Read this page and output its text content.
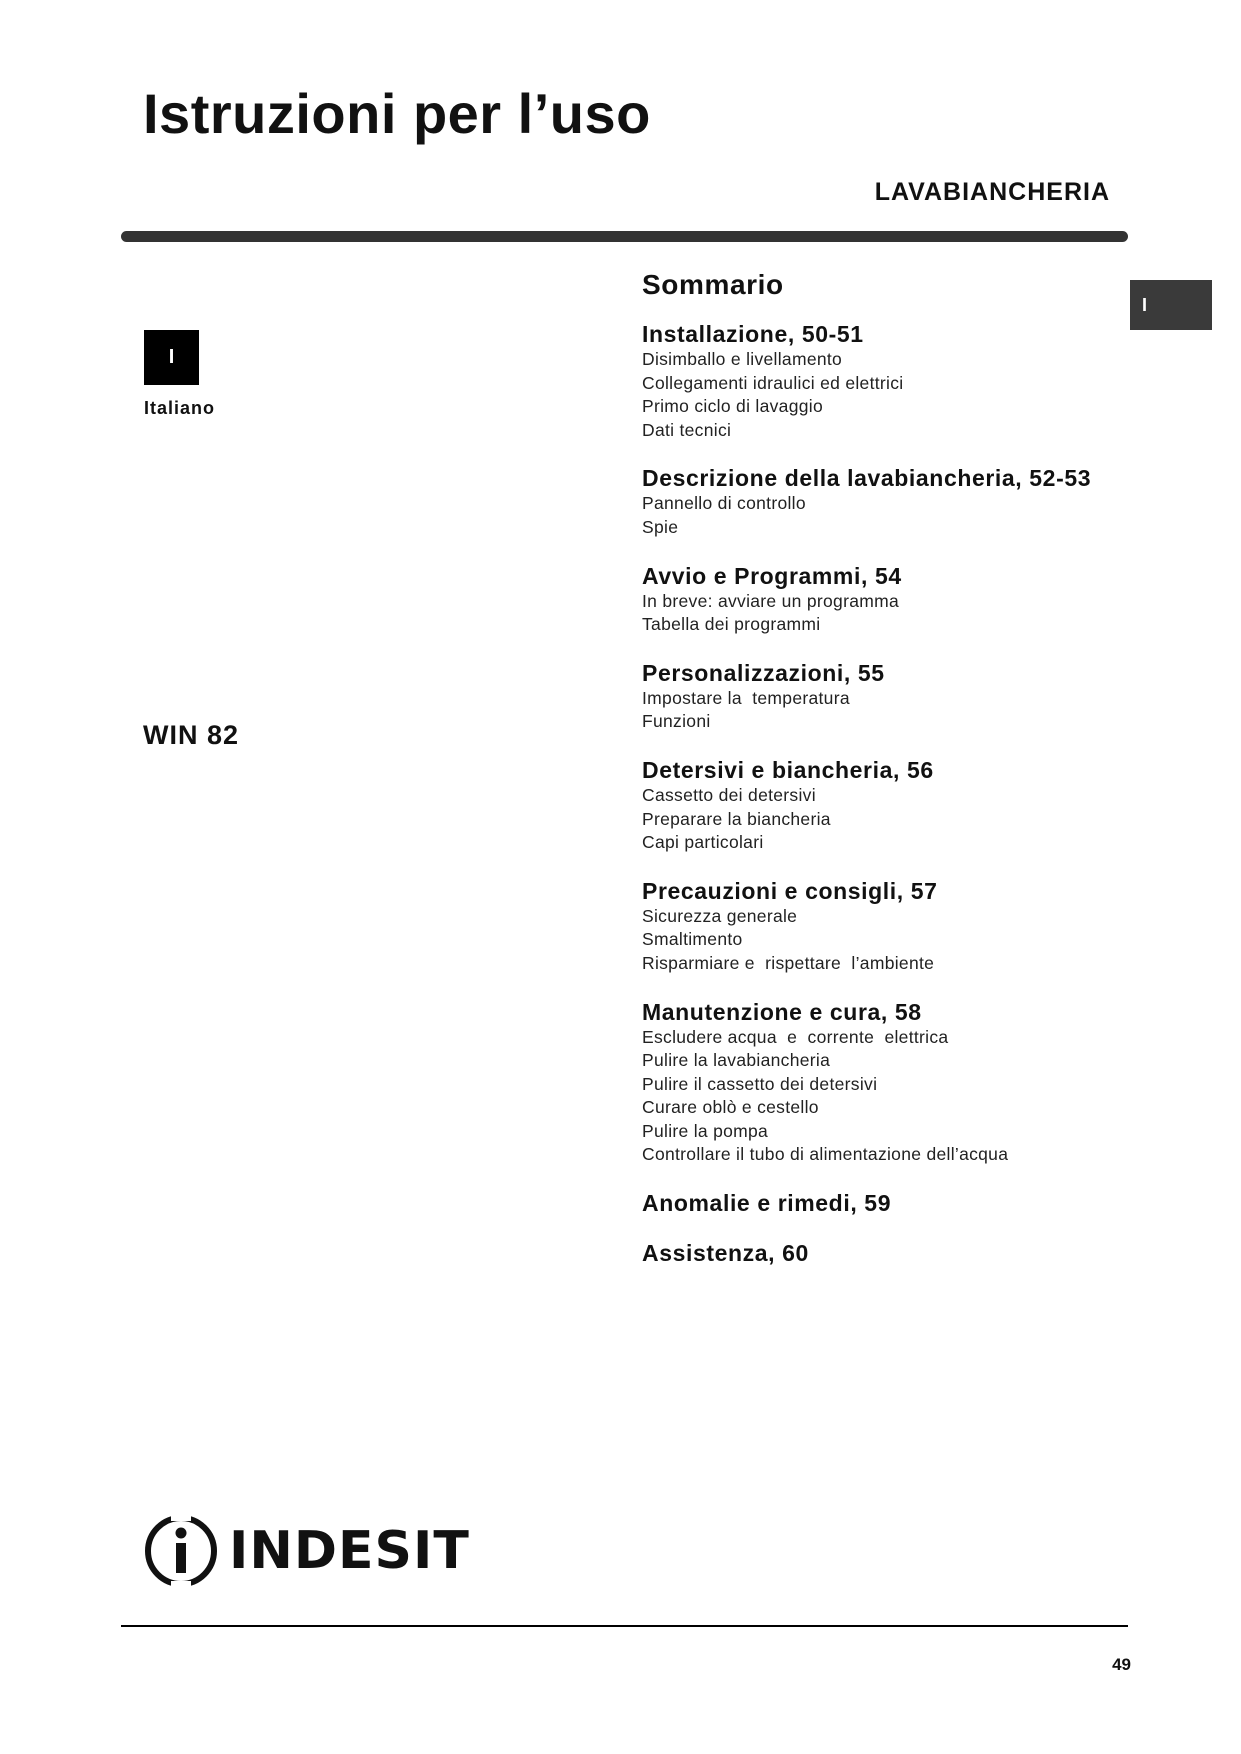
Istruzioni per l’uso
LAVABIANCHERIA
I
I
Italiano
WIN 82
Sommario
Installazione, 50-51
Disimballo e livellamento
Collegamenti idraulici ed elettrici
Primo ciclo di lavaggio
Dati tecnici
Descrizione della lavabiancheria, 52-53
Pannello di controllo
Spie
Avvio e Programmi, 54
In breve: avviare un programma
Tabella dei programmi
Personalizzazioni, 55
Impostare la  temperatura
Funzioni
Detersivi e biancheria, 56
Cassetto dei detersivi
Preparare la biancheria
Capi particolari
Precauzioni e consigli, 57
Sicurezza generale
Smaltimento
Risparmiare e  rispettare  l’ambiente
Manutenzione e cura, 58
Escludere acqua  e  corrente  elettrica
Pulire la lavabiancheria
Pulire il cassetto dei detersivi
Curare oblò e cestello
Pulire la pompa
Controllare il tubo di alimentazione dell’acqua
Anomalie e rimedi, 59
Assistenza, 60
INDESIT
49
